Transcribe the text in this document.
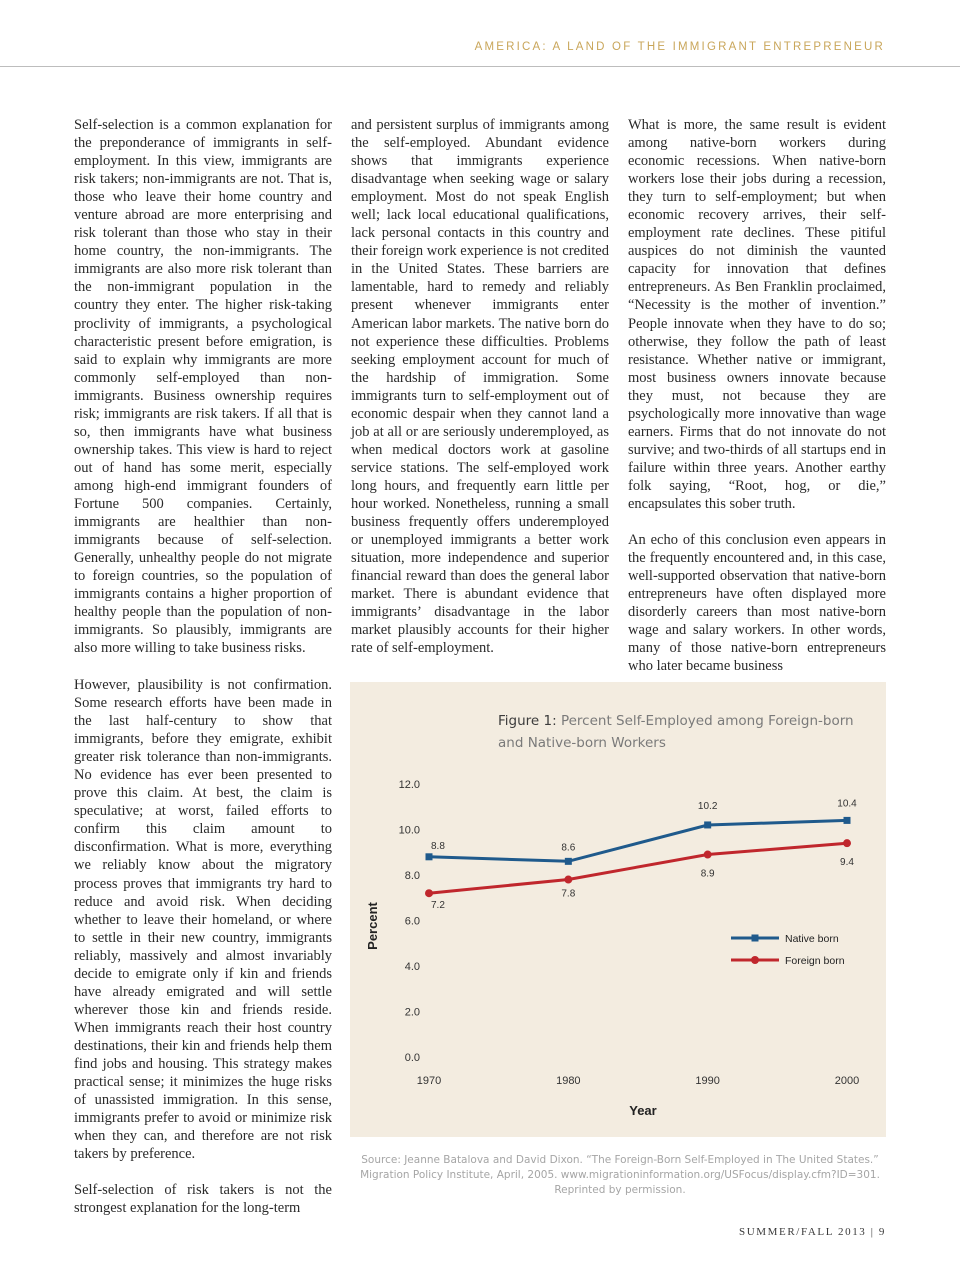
AMERICA: A LAND OF THE IMMIGRANT ENTREPRENEUR

Self-selection is a common explanation for the preponderance of immigrants in self-employment. In this view, immigrants are risk takers; non-immigrants are not. That is, those who leave their home country and venture abroad are more enterprising and risk tolerant than those who stay in their home country, the non-immigrants. The immigrants are also more risk tolerant than the non-immigrant population in the country they enter. The higher risk-taking proclivity of immigrants, a psychological characteristic present before emigration, is said to explain why immigrants are more commonly self-employed than non-immigrants. Business ownership requires risk; immigrants are risk takers. If all that is so, then immigrants have what business ownership takes. This view is hard to reject out of hand has some merit, especially among high-end immigrant founders of Fortune 500 companies. Certainly, immigrants are healthier than non-immigrants because of self-selection. Generally, unhealthy people do not migrate to foreign countries, so the population of immigrants contains a higher proportion of healthy people than the population of non-immigrants. So plausibly, immigrants are also more willing to take business risks.

and persistent surplus of immigrants among the self-employed. Abundant evidence shows that immigrants experience disadvantage when seeking wage or salary employment. Most do not speak English well; lack local educational qualifications, lack personal contacts in this country and their foreign work experience is not credited in the United States. These barriers are lamentable, hard to remedy and reliably present whenever immigrants enter American labor markets. The native born do not experience these difficulties. Problems seeking employment account for much of the hardship of immigration. Some immigrants turn to self-employment out of economic despair when they cannot land a job at all or are seriously underemployed, as when medical doctors work at gasoline service stations. The self-employed work long hours, and frequently earn little per hour worked. Nonetheless, running a small business frequently offers underemployed or unemployed immigrants a better work situation, more independence and superior financial reward than does the general labor market. There is abundant evidence that immigrants’ disadvantage in the labor market plausibly accounts for their higher rate of self-employment.

What is more, the same result is evident among native-born workers during economic recessions. When native-born workers lose their jobs during a recession, they turn to self-employment; but when economic recovery arrives, their self-employment rate declines. These pitiful auspices do not diminish the vaunted capacity for innovation that defines entrepreneurs. As Ben Franklin proclaimed, “Necessity is the mother of invention.” People innovate when they have to do so; otherwise, they follow the path of least resistance. Whether native or immigrant, most business owners innovate because they must, not because they are psychologically more innovative than wage earners. Firms that do not innovate do not survive; and two-thirds of all startups end in failure within three years. Another earthy folk saying, “Root, hog, or die,” encapsulates this sober truth.

An echo of this conclusion even appears in the frequently encountered and, in this case, well-supported observation that native-born entrepreneurs have often displayed more disorderly careers than most native-born wage and salary workers. In other words, many of those native-born entrepreneurs who later became business

However, plausibility is not confirmation. Some research efforts have been made in the last half-century to show that immigrants, before they emigrate, exhibit greater risk tolerance than non-immigrants. No evidence has ever been presented to prove this claim. At best, the claim is speculative; at worst, failed efforts to confirm this claim amount to disconfirmation. What is more, everything we reliably know about the migratory process proves that immigrants try hard to reduce and avoid risk. When deciding whether to leave their homeland, or where to settle in their new country, immigrants reliably, massively and almost invariably decide to emigrate only if kin and friends have already emigrated and will settle wherever those kin and friends reside. When immigrants reach their host country destinations, their kin and friends help them find jobs and housing. This strategy makes practical sense; it minimizes the huge risks of unassisted immigration. In this sense, immigrants prefer to avoid or minimize risk when they can, and therefore are not risk takers by preference.

Self-selection of risk takers is not the strongest explanation for the long-term

Figure 1: Percent Self-Employed among Foreign-born and Native-born Workers
0.0
2.0
4.0
6.0
8.0
10.0
12.0
1970	1980	1990	2000
Percent
Year
8.8	8.6
10.2	10.4
7.2
7.8
8.9
9.4
Native born
Foreign born
Source: Jeanne Batalova and David Dixon. “The Foreign-Born Self-Employed in The United States.” Migration Policy Institute, April, 2005. www.migrationinformation.org/USFocus/display.cfm?ID=301. Reprinted by permission.
SUMMER/FALL 2013 | 9
